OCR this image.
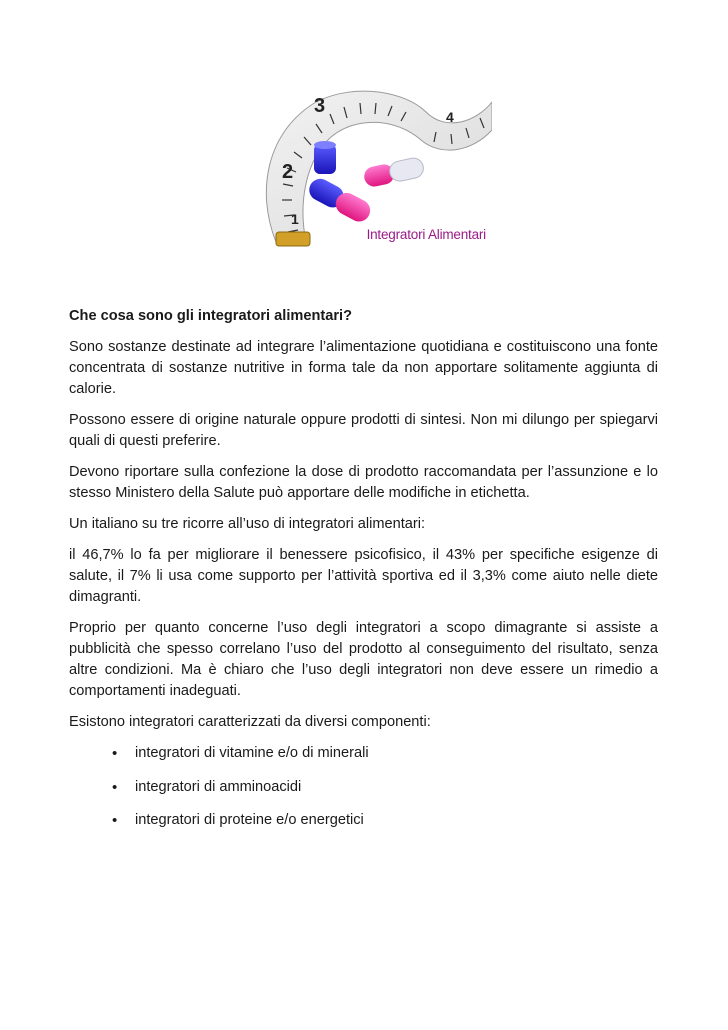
2
3
1
4
Integratori Alimentari

Che cosa sono gli integratori alimentari?

Sono sostanze destinate ad integrare l’alimentazione quotidiana e costituiscono una fonte concentrata di sostanze nutritive in forma tale da non apportare solitamente aggiunta di calorie.

Possono essere di origine naturale oppure prodotti di sintesi. Non mi dilungo per spiegarvi quali di questi preferire.

Devono riportare sulla confezione la dose di prodotto raccomandata per l’assunzione e lo stesso Ministero della Salute può apportare delle modifiche in etichetta.

Un italiano su tre ricorre all’uso di integratori alimentari:

il 46,7% lo fa per migliorare il benessere psicofisico, il 43% per specifiche esigenze di salute, il 7% li usa come supporto per l’attività sportiva ed il 3,3% come aiuto nelle diete dimagranti.

Proprio per quanto concerne l’uso degli integratori a scopo dimagrante si assiste a pubblicità che spesso correlano l’uso del prodotto al conseguimento del risultato, senza altre condizioni. Ma è chiaro che l’uso degli integratori non deve essere un rimedio a comportamenti inadeguati.

Esistono integratori caratterizzati da diversi componenti:

• integratori di vitamine e/o di minerali
• integratori di amminoacidi
• integratori di proteine e/o energetici
